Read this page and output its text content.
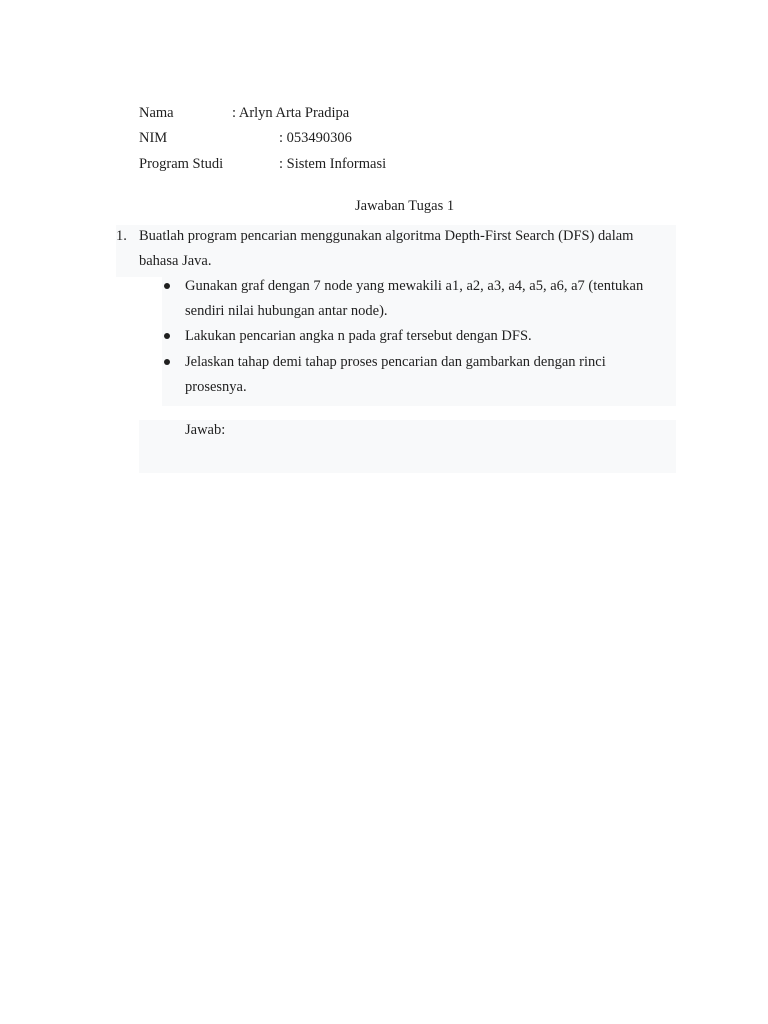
Nama	: Arlyn Arta Pradipa
NIM	: 053490306
Program Studi	: Sistem Informasi
Jawaban Tugas 1
1. Buatlah program pencarian menggunakan algoritma Depth-First Search (DFS) dalam
bahasa Java.
Gunakan graf dengan 7 node yang mewakili a1, a2, a3, a4, a5, a6, a7 (tentukan
sendiri nilai hubungan antar node).
Lakukan pencarian angka n pada graf tersebut dengan DFS.
Jelaskan tahap demi tahap proses pencarian dan gambarkan dengan rinci
prosesnya.
Jawab:
